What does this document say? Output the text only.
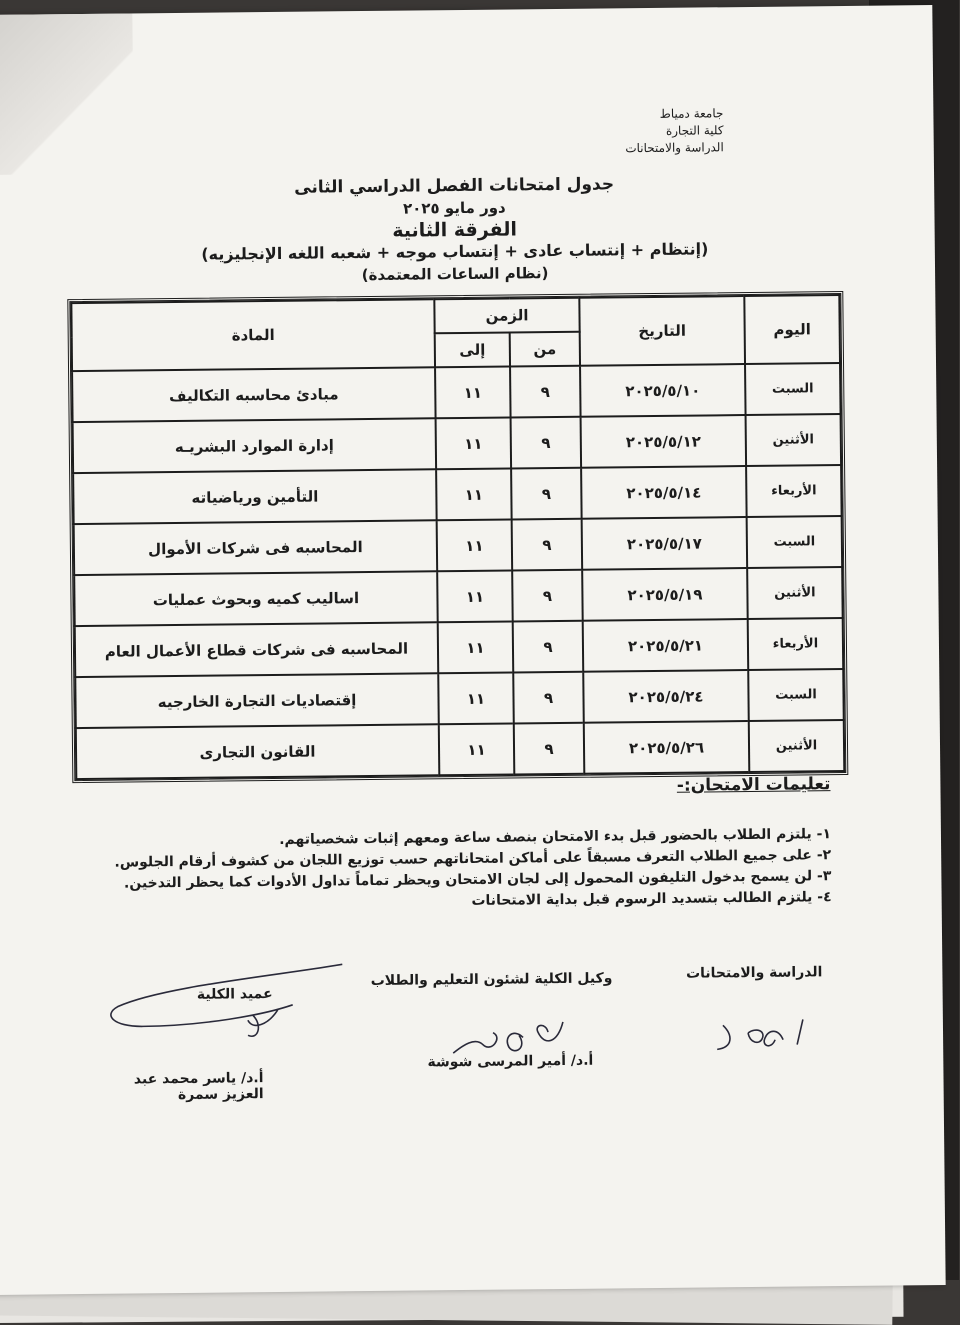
جامعة دمياط
كلية التجارة
الدراسة والامتحانات
جدول امتحانات الفصل الدراسي الثانى
دور مايو ٢٠٢٥
الفرقة الثانية
(إنتظام + إنتساب عادى + إنتساب موجه + شعبه اللغه الإنجليزيه)
(نظام الساعات المعتمدة)
اليوم	التاريخ	الزمن		المادة
		من	إلى	
السبت	٢٠٢٥/٥/١٠	٩	١١	مبادئ محاسبه التكاليف
الأثنين	٢٠٢٥/٥/١٢	٩	١١	إدارة الموارد البشريـه
الأربعاء	٢٠٢٥/٥/١٤	٩	١١	التأمين ورياضياته
السبت	٢٠٢٥/٥/١٧	٩	١١	المحاسبه فى شركات الأموال
الأثنين	٢٠٢٥/٥/١٩	٩	١١	اساليب كميه وبحوث عمليات
الأربعاء	٢٠٢٥/٥/٢١	٩	١١	المحاسبه فى شركات قطاع الأعمال العام
السبت	٢٠٢٥/٥/٢٤	٩	١١	إقتصاديات التجارة الخارجيه
الأثنين	٢٠٢٥/٥/٢٦	٩	١١	القانون التجارى
تعليمات الامتحان:-
١- يلتزم الطلاب بالحضور قبل بدء الامتحان بنصف ساعة ومعهم إثبات شخصياتهم.
٢- على جميع الطلاب التعرف مسبقاً على أماكن امتحاناتهم حسب توزيع اللجان من كشوف أرقام الجلوس.
٣- لن يسمح بدخول التليفون المحمول إلى لجان الامتحان ويحظر تماماً تداول الأدوات كما يحظر التدخين.
٤- يلتزم الطالب بتسديد الرسوم قبل بداية الامتحانات
الدراسة والامتحانات
وكيل الكلية لشئون التعليم والطلاب
عميد الكلية
أ.د/ أمير المرسى شوشة
أ.د/ ياسر محمد عبد العزيز سمرة
